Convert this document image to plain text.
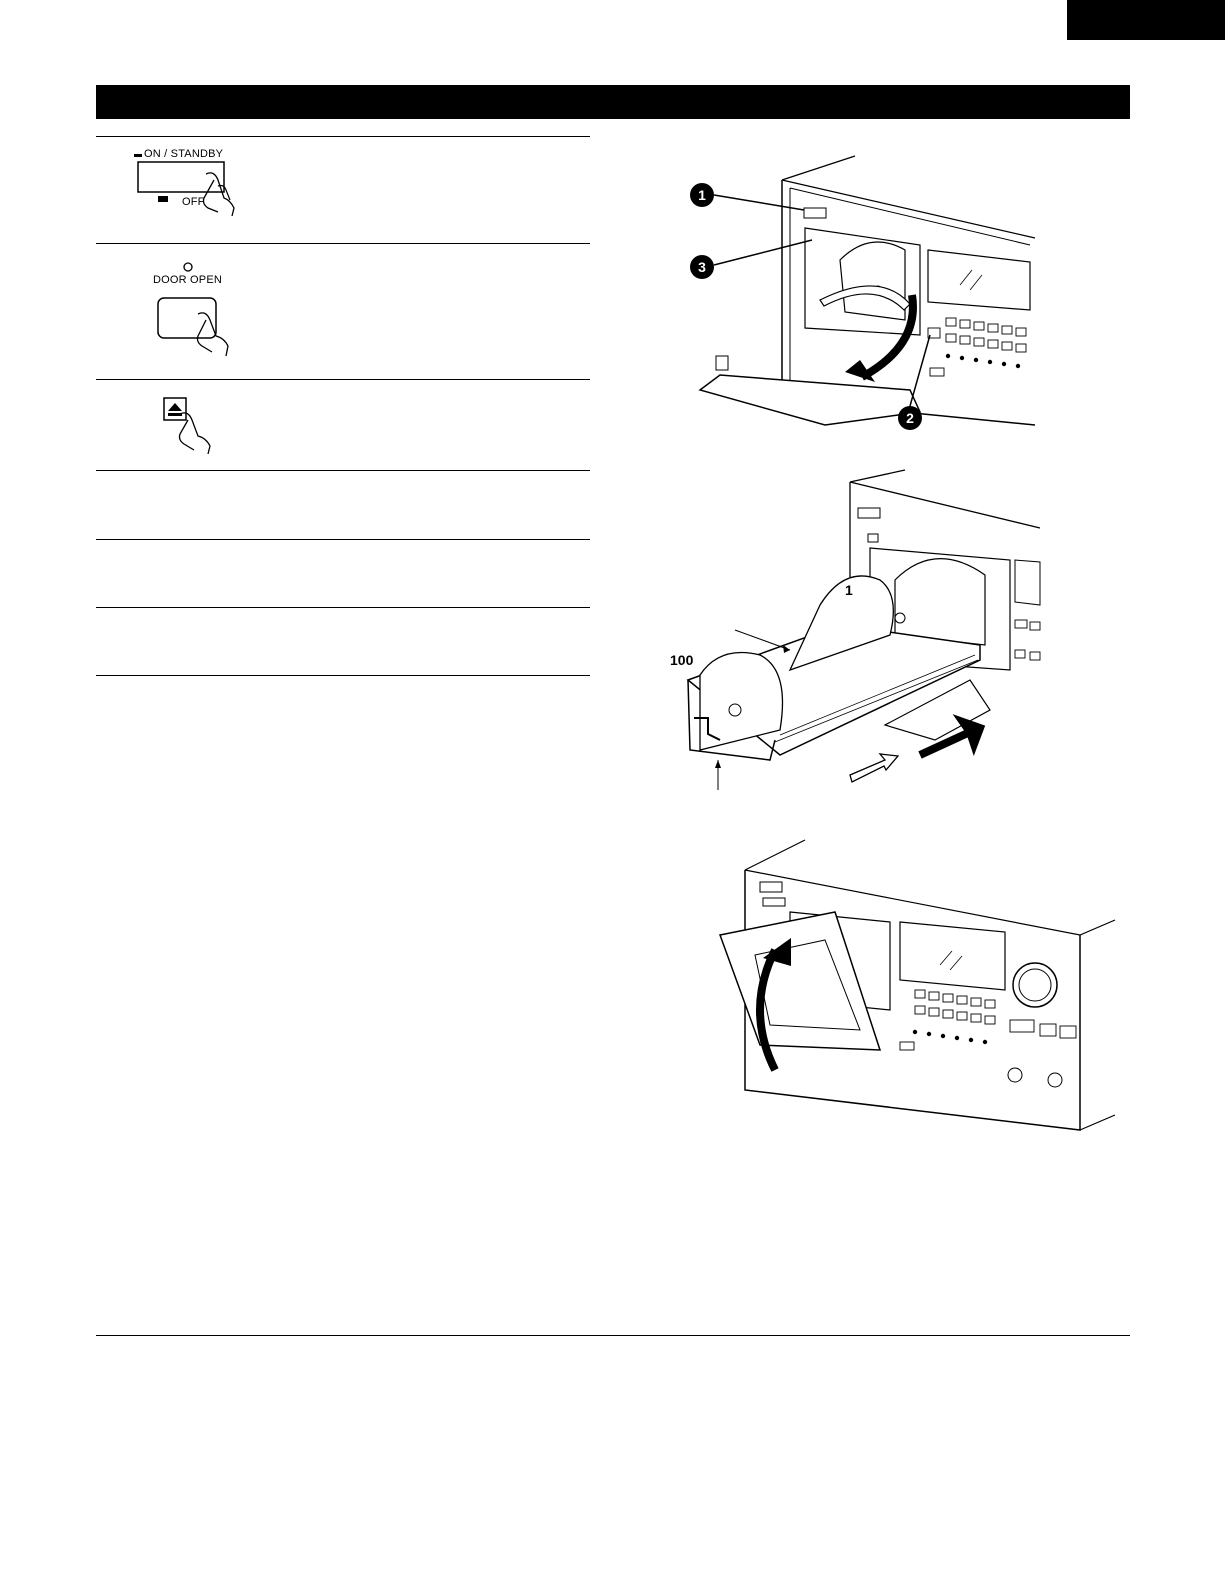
ON / STANDBY
OFF
DOOR OPEN
1
3
2
1
100
